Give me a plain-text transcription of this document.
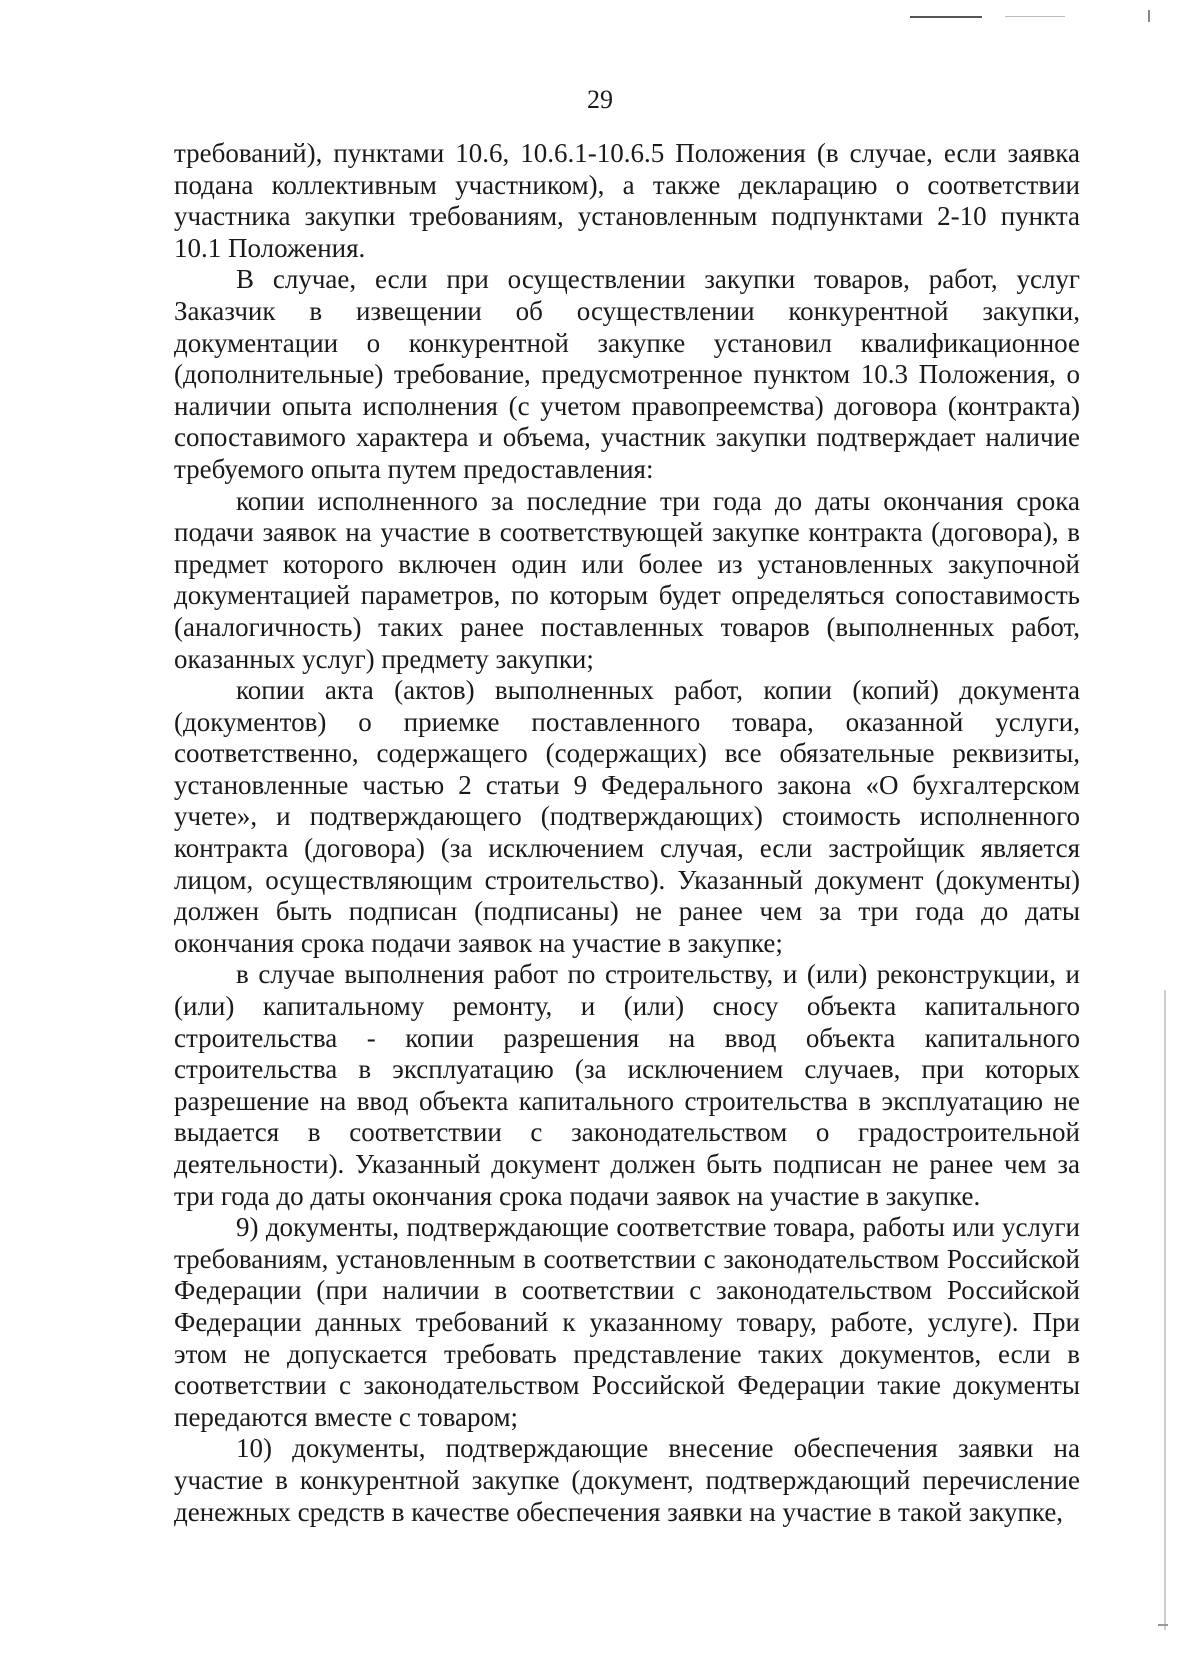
29

требований), пунктами 10.6, 10.6.1-10.6.5 Положения (в случае, если заявка подана коллективным участником), а также декларацию о соответствии участника закупки требованиям, установленным подпунктами 2-10 пункта 10.1 Положения.

В случае, если при осуществлении закупки товаров, работ, услуг Заказчик в извещении об осуществлении конкурентной закупки, документации о конкурентной закупке установил квалификационное (дополнительные) требование, предусмотренное пунктом 10.3 Положения, о наличии опыта исполнения (с учетом правопреемства) договора (контракта) сопоставимого характера и объема, участник закупки подтверждает наличие требуемого опыта путем предоставления:

копии исполненного за последние три года до даты окончания срока подачи заявок на участие в соответствующей закупке контракта (договора), в предмет которого включен один или более из установленных закупочной документацией параметров, по которым будет определяться сопоставимость (аналогичность) таких ранее поставленных товаров (выполненных работ, оказанных услуг) предмету закупки;

копии акта (актов) выполненных работ, копии (копий) документа (документов) о приемке поставленного товара, оказанной услуги, соответственно, содержащего (содержащих) все обязательные реквизиты, установленные частью 2 статьи 9 Федерального закона «О бухгалтерском учете», и подтверждающего (подтверждающих) стоимость исполненного контракта (договора) (за исключением случая, если застройщик является лицом, осуществляющим строительство). Указанный документ (документы) должен быть подписан (подписаны) не ранее чем за три года до даты окончания срока подачи заявок на участие в закупке;

в случае выполнения работ по строительству, и (или) реконструкции, и (или) капитальному ремонту, и (или) сносу объекта капитального строительства - копии разрешения на ввод объекта капитального строительства в эксплуатацию (за исключением случаев, при которых разрешение на ввод объекта капитального строительства в эксплуатацию не выдается в соответствии с законодательством о градостроительной деятельности). Указанный документ должен быть подписан не ранее чем за три года до даты окончания срока подачи заявок на участие в закупке.

9) документы, подтверждающие соответствие товара, работы или услуги требованиям, установленным в соответствии с законодательством Российской Федерации (при наличии в соответствии с законодательством Российской Федерации данных требований к указанному товару, работе, услуге). При этом не допускается требовать представление таких документов, если в соответствии с законодательством Российской Федерации такие документы передаются вместе с товаром;

10) документы, подтверждающие внесение обеспечения заявки на участие в конкурентной закупке (документ, подтверждающий перечисление денежных средств в качестве обеспечения заявки на участие в такой закупке,
